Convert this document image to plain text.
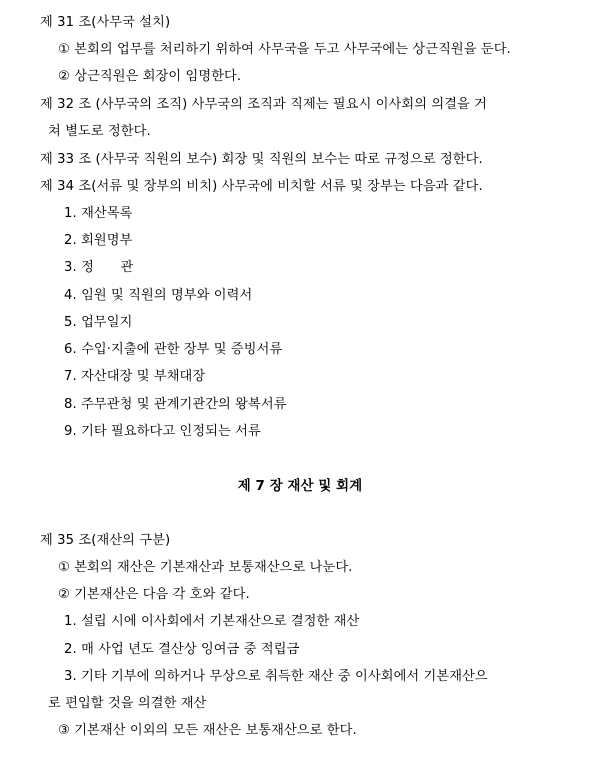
제 31 조(사무국 설치)
① 본회의 업무를 처리하기 위하여 사무국을 두고 사무국에는 상근직원을 둔다.
② 상근직원은 회장이 임명한다.
제 32 조 (사무국의 조직) 사무국의 조직과 직제는 필요시 이사회의 의결을 거
쳐 별도로 정한다.
제 33 조 (사무국 직원의 보수) 회장 및 직원의 보수는 따로 규정으로 정한다.
제 34 조(서류 및 장부의 비치) 사무국에 비치할 서류 및 장부는 다음과 같다.
1. 재산목록
2. 회원명부
3. 정　　관
4. 임원 및 직원의 명부와 이력서
5. 업무일지
6. 수입·지출에 관한 장부 및 증빙서류
7. 자산대장 및 부채대장
8. 주무관청 및 관계기관간의 왕복서류
9. 기타 필요하다고 인정되는 서류
제 7 장 재산 및 회계
제 35 조(재산의 구분)
① 본회의 재산은 기본재산과 보통재산으로 나눈다.
② 기본재산은 다음 각 호와 같다.
1. 설립 시에 이사회에서 기본재산으로 결정한 재산
2. 매 사업 년도 결산상 잉여금 중 적립금
3. 기타 기부에 의하거나 무상으로 취득한 재산 중 이사회에서 기본재산으
로 편입할 것을 의결한 재산
③ 기본재산 이외의 모든 재산은 보통재산으로 한다.
